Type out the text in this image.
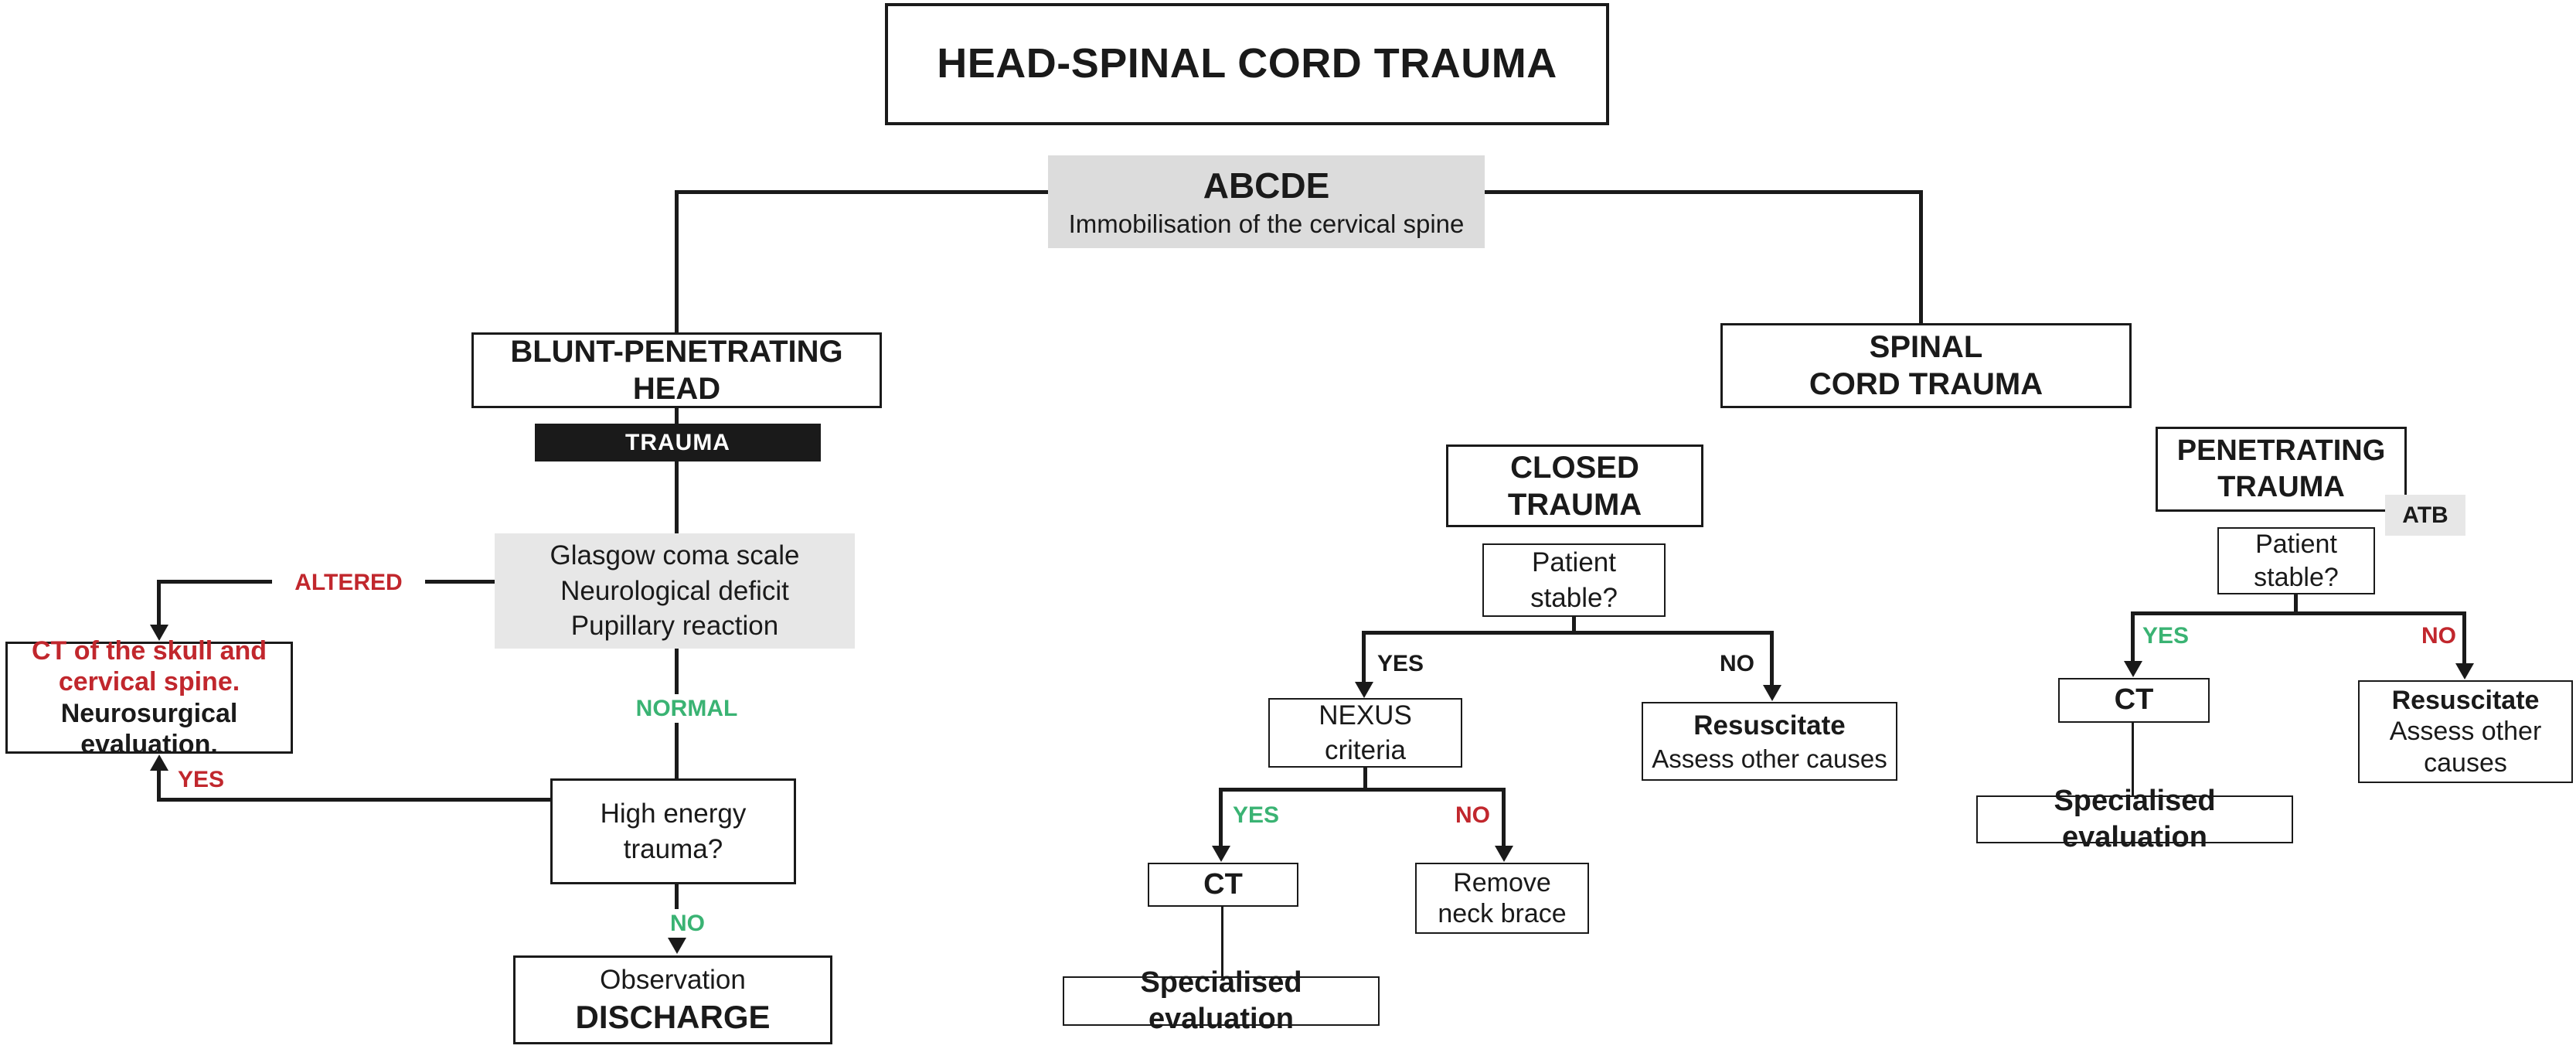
HEAD-SPINAL CORD TRAUMA
ABCDE
Immobilisation of the cervical spine
BLUNT-PENETRATING
HEAD
TRAUMA
Glasgow coma scale
Neurological deficit
Pupillary reaction
ALTERED
NORMAL
CT of the skull and
cervical spine.
Neurosurgical
evaluation.
YES
High energy
trauma?
NO
Observation
DISCHARGE
SPINAL
CORD TRAUMA
CLOSED
TRAUMA
Patient
stable?
YES	NO
NEXUS
criteria
Resuscitate
Assess other causes
YES	NO
CT	Remove
neck brace
Specialised evaluation
PENETRATING
TRAUMA
ATB
Patient
stable?
YES	NO
CT	Resuscitate
Assess other
causes
Specialised evaluation
